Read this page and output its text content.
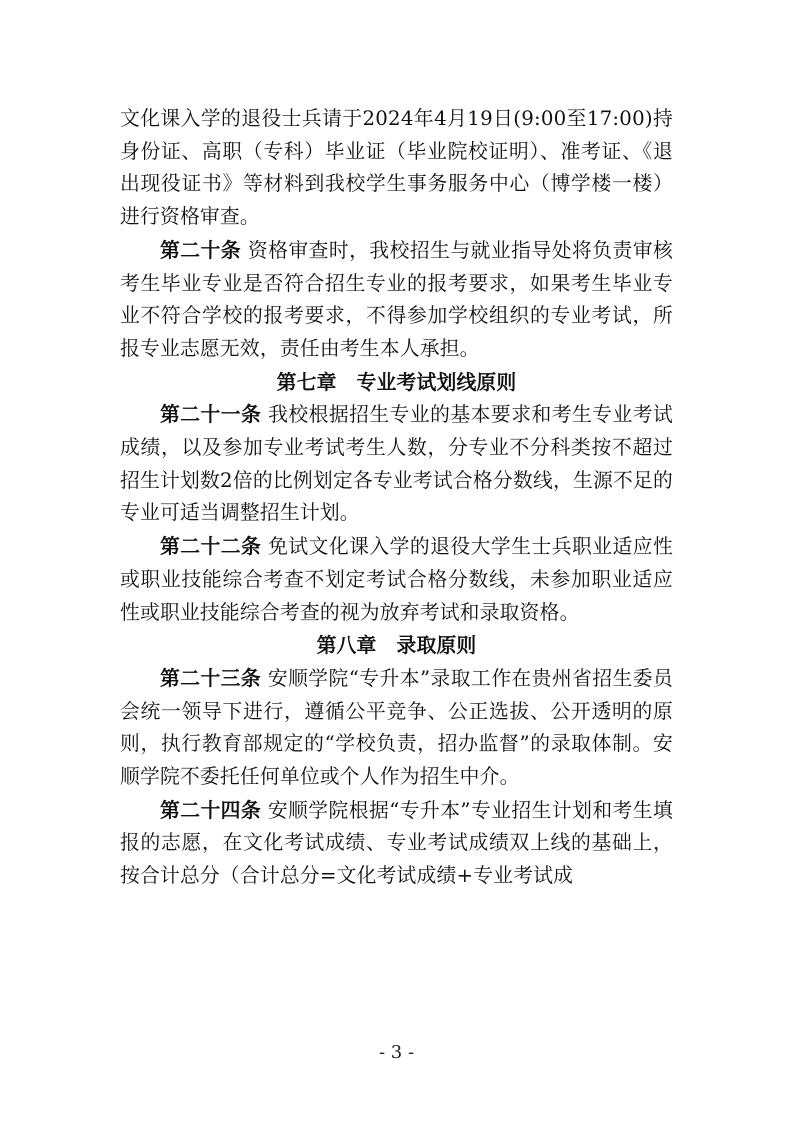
文化课入学的退役士兵请于2024年4月19日(9:00至17:00)持身份证、高职（专科）毕业证（毕业院校证明）、准考证、《退出现役证书》等材料到我校学生事务服务中心（博学楼一楼）进行资格审查。

第二十条 资格审查时，我校招生与就业指导处将负责审核考生毕业专业是否符合招生专业的报考要求，如果考生毕业专业不符合学校的报考要求，不得参加学校组织的专业考试，所报专业志愿无效，责任由考生本人承担。

第七章　专业考试划线原则

第二十一条 我校根据招生专业的基本要求和考生专业考试成绩，以及参加专业考试考生人数，分专业不分科类按不超过招生计划数2倍的比例划定各专业考试合格分数线，生源不足的专业可适当调整招生计划。

第二十二条 免试文化课入学的退役大学生士兵职业适应性或职业技能综合考查不划定考试合格分数线，未参加职业适应性或职业技能综合考查的视为放弃考试和录取资格。

第八章　录取原则

第二十三条 安顺学院“专升本”录取工作在贵州省招生委员会统一领导下进行，遵循公平竞争、公正选拔、公开透明的原则，执行教育部规定的“学校负责，招办监督”的录取体制。安顺学院不委托任何单位或个人作为招生中介。

第二十四条 安顺学院根据“专升本”专业招生计划和考生填报的志愿，在文化考试成绩、专业考试成绩双上线的基础上，按合计总分（合计总分=文化考试成绩+专业考试成

- 3 -
